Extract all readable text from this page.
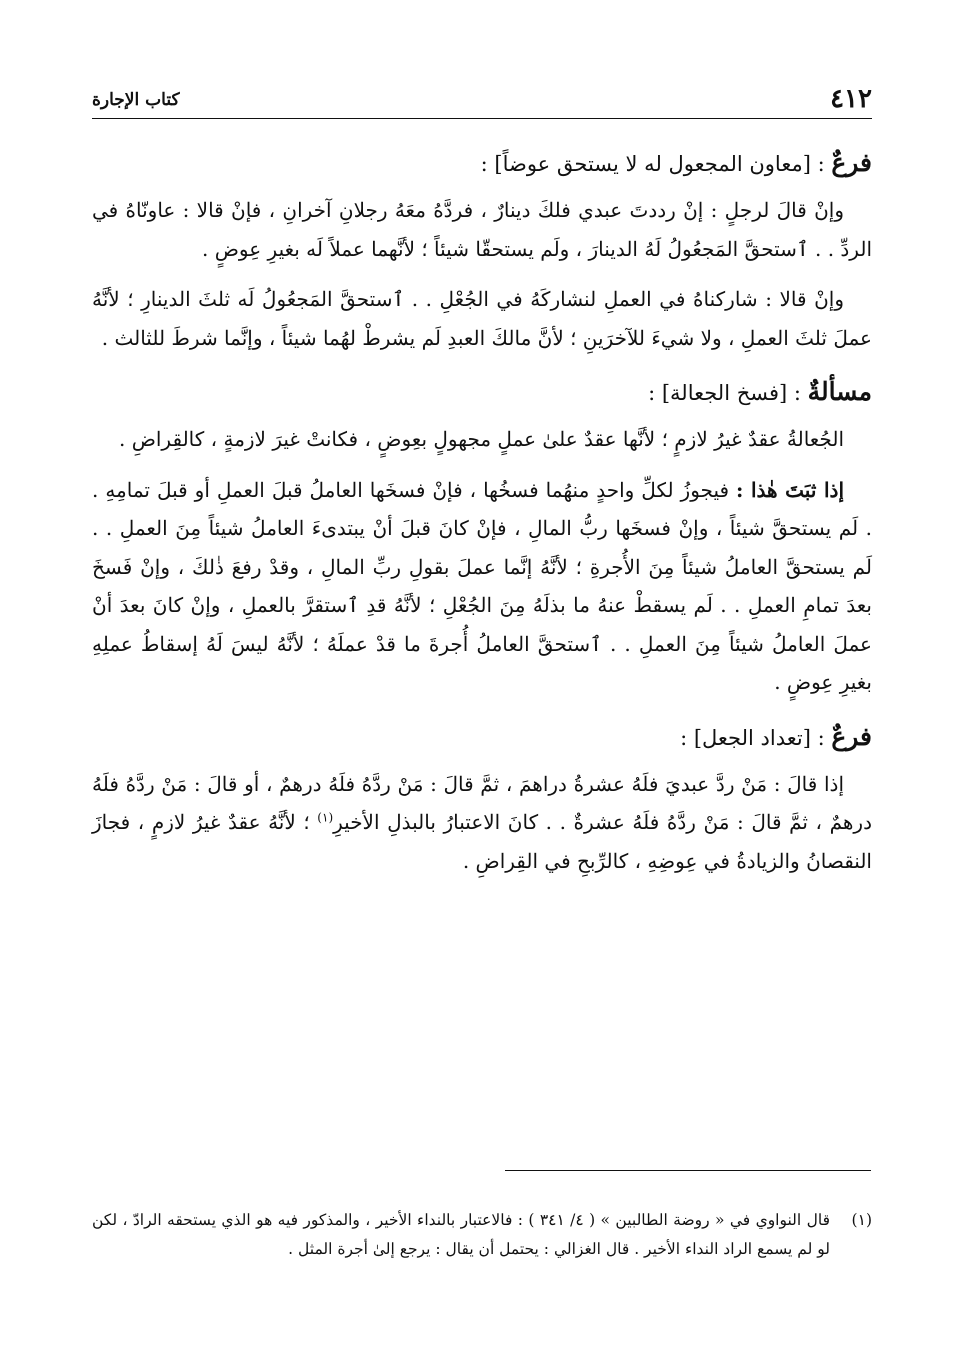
٤١٢
كتاب الإجارة
فرعٌ : [معاون المجعول له لا يستحق عوضاً] :

وإنْ قالَ لرجلٍ : إنْ رددتَ عبدي فلكَ دينارٌ ، فردَّهُ معَهُ رجلانِ آخرانِ ، فإنْ قالا : عاونّاهُ في الردِّ . . ٱستحقَّ المَجعُولُ لَهُ الدينارَ ، ولَم يستحقّا شيئاً ؛ لأنَّهما عملاً لَه بغيرِ عِوضٍ .

وإنْ قالا : شاركناهُ في العملِ لنشاركَهُ في الجُعْلِ . . ٱستحقَّ المَجعُولُ لَه ثلثَ الدينارِ ؛ لأنَّهُ عملَ ثلثَ العملِ ، ولا شيءَ للآخرَينِ ؛ لأنَّ مالكَ العبدِ لَم يشرطْ لهُما شيئاً ، وإنَّما شرطَ للثالث .

مسألةٌ : [فسخ الجعالة] :

الجُعالةُ عقدٌ غيرُ لازمٍ ؛ لأنَّها عقدٌ علىٰ عملٍ مجهولٍ بعِوضٍ ، فكانتْ غيرَ لازمةٍ ، كالقِراضِ .

إذا ثبَتَ هٰذا : فيجوزُ لكلِّ واحدٍ منهُما فسخُها ، فإنْ فسخَها العاملُ قبلَ العملِ أو قبلَ تمامِهِ . . لَم يستحقَّ شيئاً ، وإنْ فسخَها ربُّ المالِ ، فإنْ كانَ قبلَ أنْ يبتدىءَ العاملُ شيئاً مِنَ العملِ . . لَم يستحقَّ العاملُ شيئاً مِنَ الأُجرةِ ؛ لأنَّهُ إنَّما عملَ بقولِ ربِّ المالِ ، وقدْ رفعَ ذٰلكَ ، وإنْ فَسخَ بعدَ تمامِ العملِ . . لَم يسقطْ عنهُ ما بذلَهُ مِنَ الجُعْلِ ؛ لأنَّهُ قدِ ٱستقرَّ بالعملِ ، وإنْ كانَ بعدَ أنْ عملَ العاملُ شيئاً مِنَ العملِ . . ٱستحقَّ العاملُ أُجرةَ ما قدْ عملَهُ ؛ لأنَّهُ ليسَ لَهُ إسقاطُ عملِهِ بغيرِ عِوضٍ .

فرعٌ : [تعداد الجعل] :

إذا قالَ : مَنْ ردَّ عبديَ فلَهُ عشرةُ دراهمَ ، ثمَّ قالَ : مَنْ ردَّهُ فلَهُ درهمٌ ، أو قالَ : مَنْ ردَّهُ فلَهُ درهمٌ ، ثمَّ قالَ : مَنْ ردَّهُ فلَهُ عشرةٌ . . كانَ الاعتبارُ بالبذلِ الأخيرِ$^{(١)}$ ؛ لأنَّهُ عقدٌ غيرُ لازمٍ ، فجازَ النقصانُ والزيادةُ في عِوضِهِ ، كالرِّبحِ في القِراضِ .

(١)
قال النواوي في « روضة الطالبين » ( ٤/ ٣٤١ ) : فالاعتبار بالنداء الأخير ، والمذكور فيه هو الذي يستحقه الرادّ ، لكن لو لم يسمع الراد النداء الأخير . قال الغزالي : يحتمل أن يقال : يرجع إلىٰ أجرة المثل .
